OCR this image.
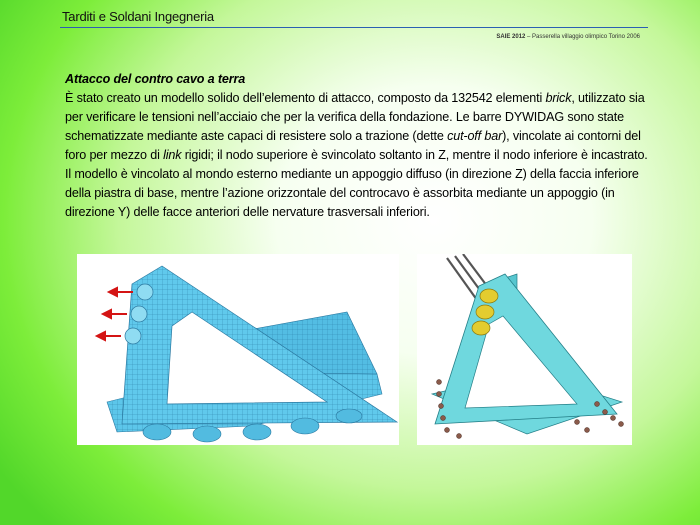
Tarditi e Soldani Ingegneria
SAIE 2012 – Passerella villaggio olimpico Torino 2006
Attacco del contro cavo a terra
È stato creato un modello solido dell’elemento di attacco, composto da 132542 elementi brick, utilizzato sia per verificare le tensioni nell’acciaio che per la verifica della fondazione. Le barre DYWIDAG sono state schematizzate mediante aste capaci di resistere solo a trazione (dette cut-off bar), vincolate ai contorni del foro per mezzo di link rigidi; il nodo superiore è svincolato soltanto in Z, mentre il nodo inferiore è incastrato. Il modello è vincolato al mondo esterno mediante un appoggio diffuso (in direzione Z) della faccia inferiore della piastra di base, mentre l’azione orizzontale del controcavo è assorbita mediante un appoggio (in direzione Y) delle facce anteriori delle nervature trasversali inferiori.
